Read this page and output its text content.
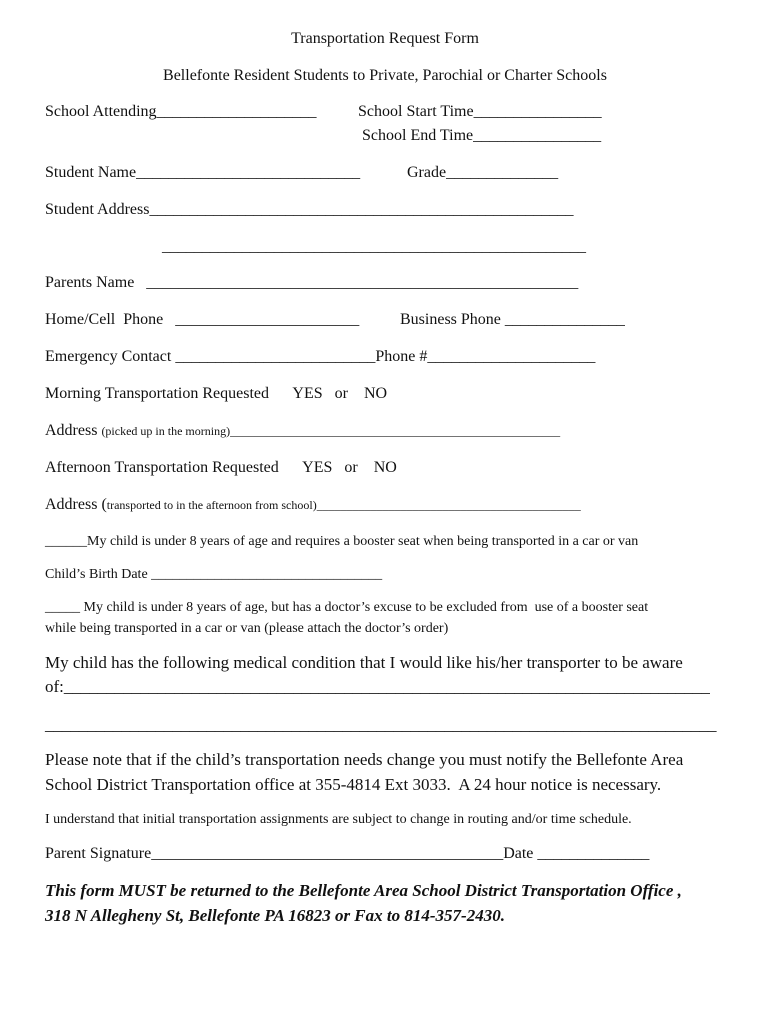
Transportation Request Form
Bellefonte Resident Students to Private, Parochial or Charter Schools
School Attending____________________	School Start Time________________
School End Time________________
Student Name____________________________	Grade______________
Student Address_____________________________________________________
_____________________________________________________
Parents Name   ______________________________________________________
Home/Cell  Phone   _______________________	Business Phone _______________
Emergency Contact _________________________Phone #_____________________
Morning Transportation Requested      YES   or    NO
Address (picked up in the morning)_______________________________________________________
Afternoon Transportation Requested      YES   or    NO
Address (transported to in the afternoon from school)____________________________________________
______My child is under 8 years of age and requires a booster seat when being transported in a car or van
Child’s Birth Date _________________________________
_____ My child is under 8 years of age, but has a doctor’s excuse to be excluded from  use of a booster seat
while being transported in a car or van (please attach the doctor’s order)
My child has the following medical condition that I would like his/her transporter to be aware
of:____________________________________________________________________________
_______________________________________________________________________________
Please note that if the child’s transportation needs change you must notify the Bellefonte Area
School District Transportation office at 355-4814 Ext 3033.  A 24 hour notice is necessary.
I understand that initial transportation assignments are subject to change in routing and/or time schedule.
Parent Signature____________________________________________Date ______________
This form MUST be returned to the Bellefonte Area School District Transportation Office ,
318 N Allegheny St, Bellefonte PA 16823 or Fax to 814-357-2430.
